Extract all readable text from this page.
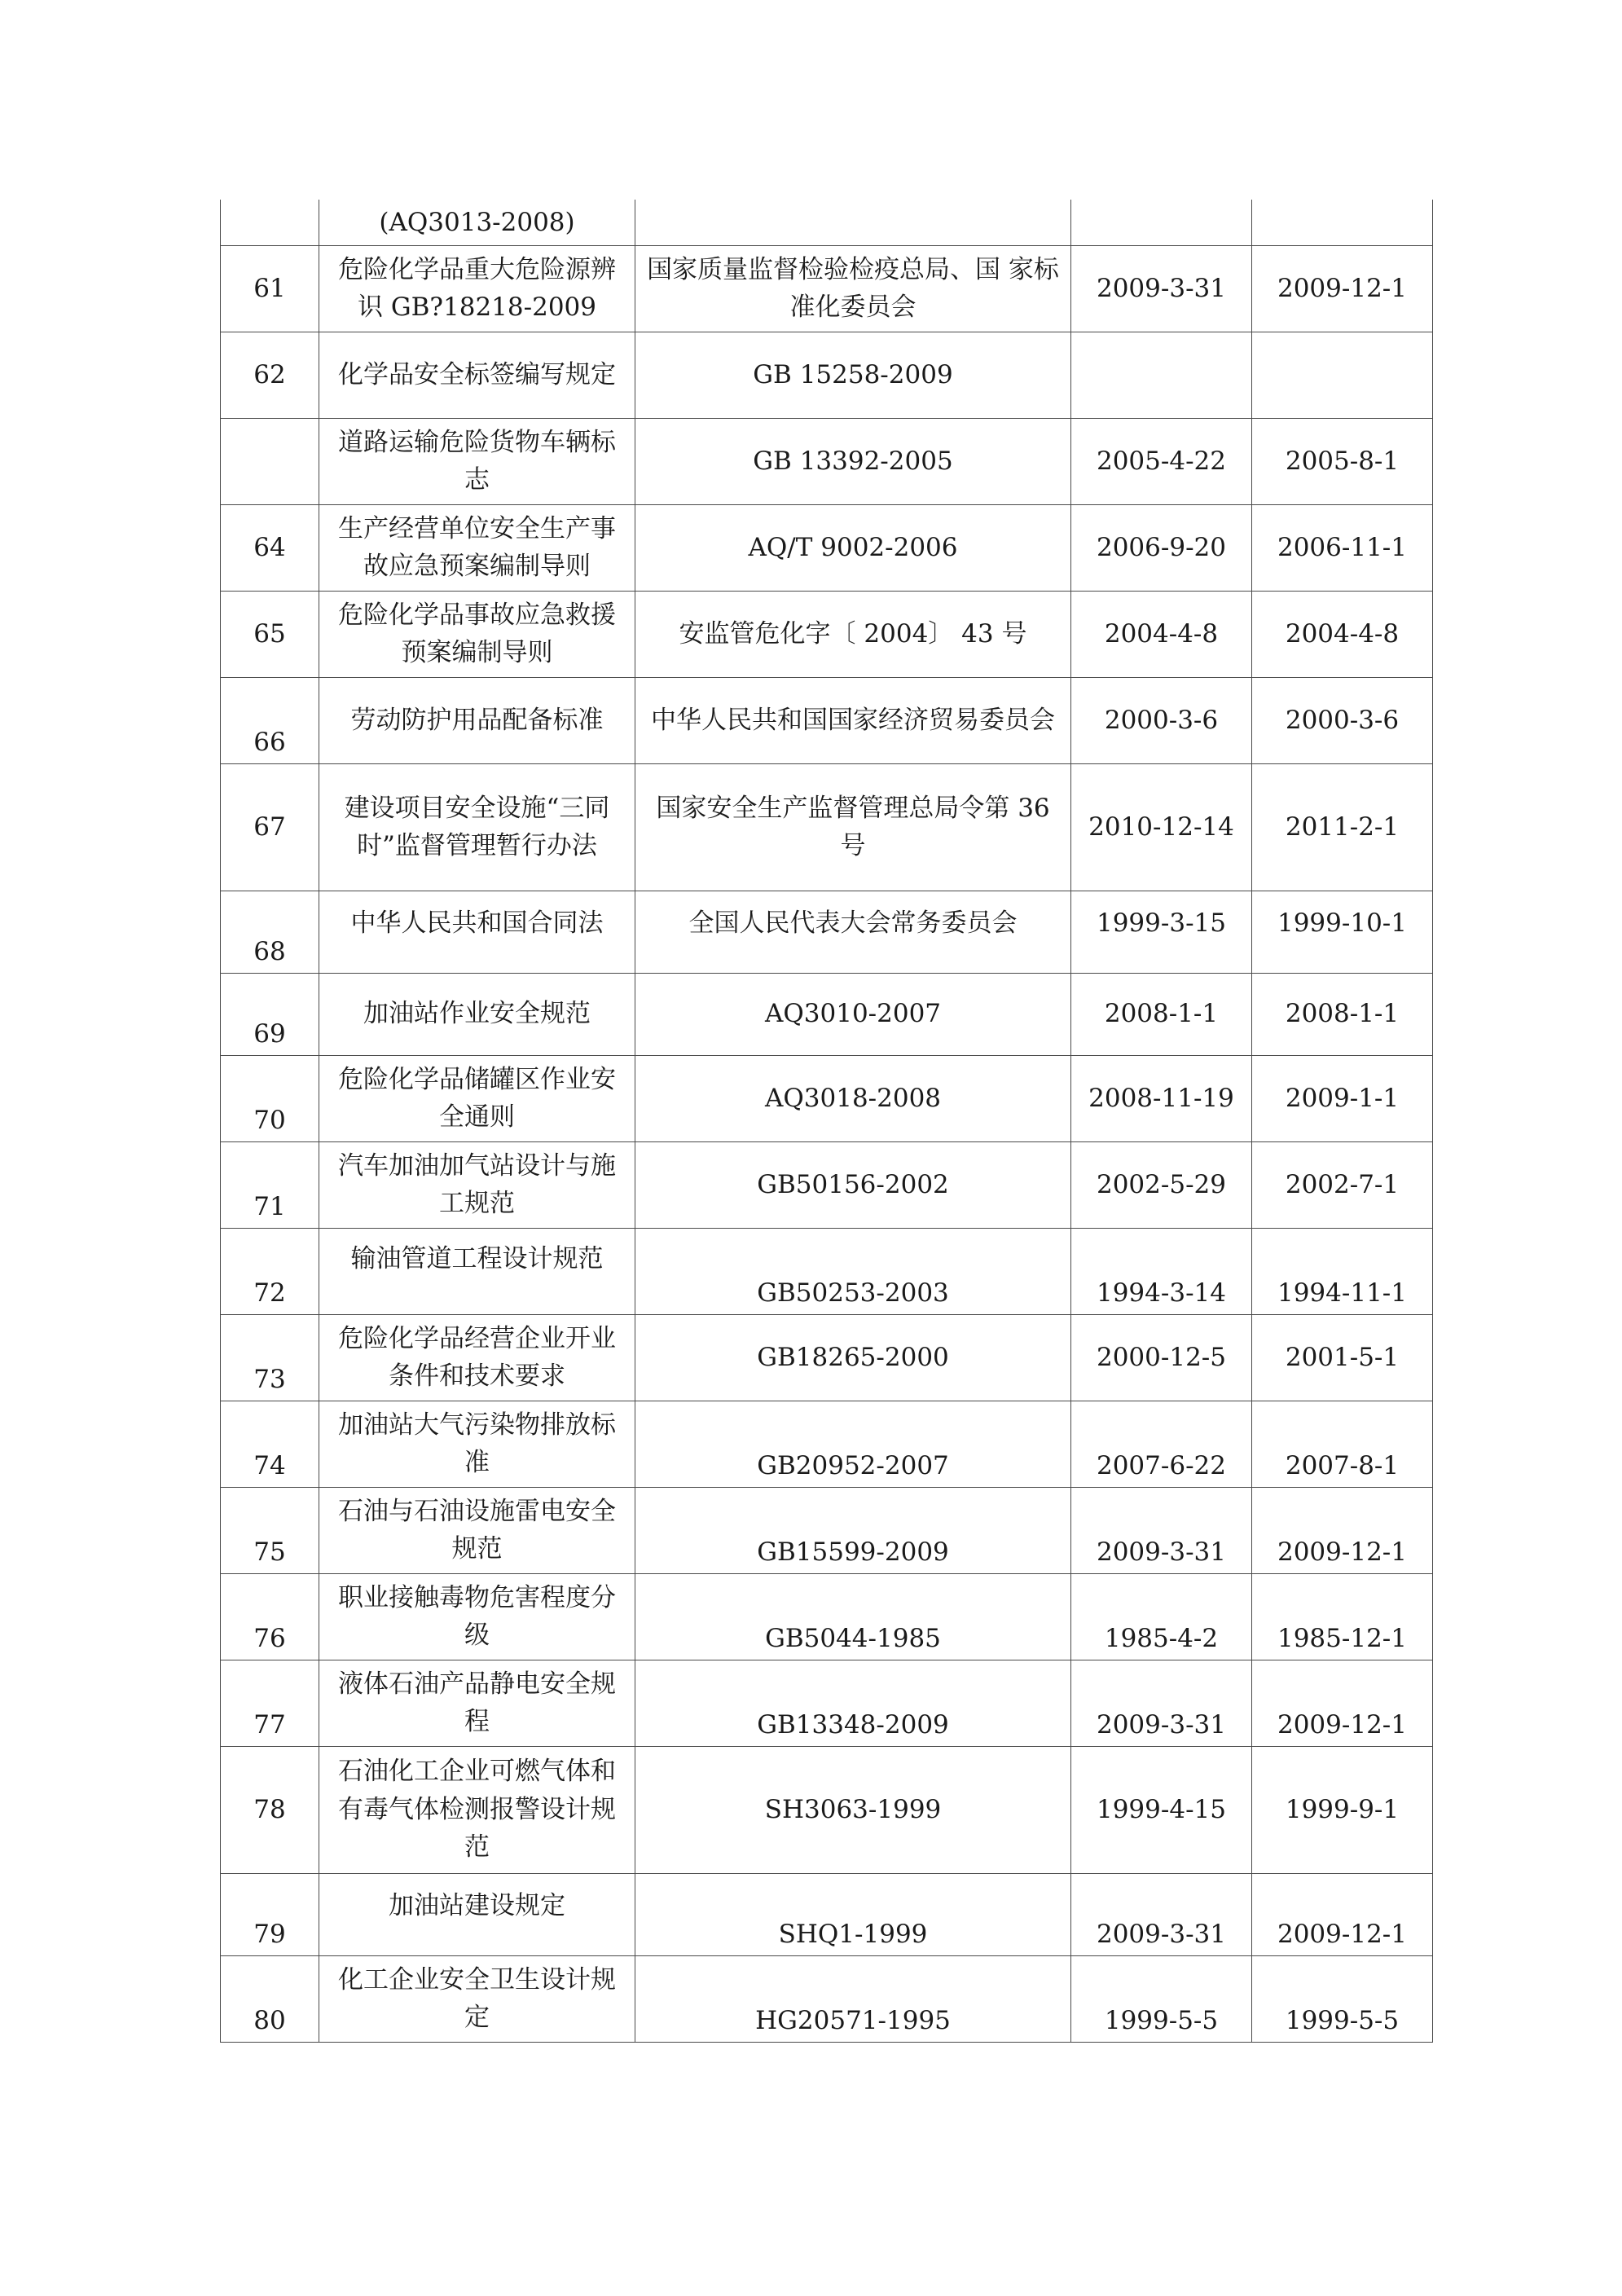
	(AQ3013-2008)			
61	危险化学品重大危险源辨识 GB?18218-2009	国家质量监督检验检疫总局、国 家标准化委员会	2009-3-31	2009-12-1
62	化学品安全标签编写规定	GB 15258-2009		
	道路运输危险货物车辆标志	GB 13392-2005	2005-4-22	2005-8-1
64	生产经营单位安全生产事故应急预案编制导则	AQ/T 9002-2006	2006-9-20	2006-11-1
65	危险化学品事故应急救援预案编制导则	安监管危化字〔 2004〕 43 号	2004-4-8	2004-4-8
66	劳动防护用品配备标准	中华人民共和国国家经济贸易委员会	2000-3-6	2000-3-6
67	建设项目安全设施“三同时”监督管理暂行办法	国家安全生产监督管理总局令第 36 号	2010-12-14	2011-2-1
68	中华人民共和国合同法	全国人民代表大会常务委员会	1999-3-15	1999-10-1
69	加油站作业安全规范	AQ3010-2007	2008-1-1	2008-1-1
70	危险化学品储罐区作业安全通则	AQ3018-2008	2008-11-19	2009-1-1
71	汽车加油加气站设计与施工规范	GB50156-2002	2002-5-29	2002-7-1
72	输油管道工程设计规范	GB50253-2003	1994-3-14	1994-11-1
73	危险化学品经营企业开业条件和技术要求	GB18265-2000	2000-12-5	2001-5-1
74	加油站大气污染物排放标准	GB20952-2007	2007-6-22	2007-8-1
75	石油与石油设施雷电安全规范	GB15599-2009	2009-3-31	2009-12-1
76	职业接触毒物危害程度分级	GB5044-1985	1985-4-2	1985-12-1
77	液体石油产品静电安全规程	GB13348-2009	2009-3-31	2009-12-1
78	石油化工企业可燃气体和有毒气体检测报警设计规范	SH3063-1999	1999-4-15	1999-9-1
79	加油站建设规定	SHQ1-1999	2009-3-31	2009-12-1
80	化工企业安全卫生设计规定	HG20571-1995	1999-5-5	1999-5-5
